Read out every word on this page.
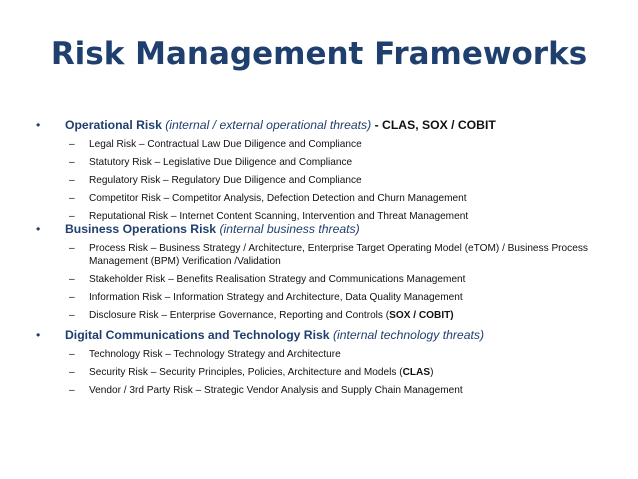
Risk Management Frameworks
• Operational Risk (internal / external operational threats) - CLAS, SOX / COBIT
– Legal Risk – Contractual Law Due Diligence and Compliance
– Statutory Risk – Legislative Due Diligence and Compliance
– Regulatory Risk – Regulatory Due Diligence and Compliance
– Competitor Risk – Competitor Analysis, Defection Detection and Churn Management
– Reputational Risk – Internet Content Scanning, Intervention and Threat Management
• Business Operations Risk (internal business threats)
– Process Risk – Business Strategy / Architecture, Enterprise Target Operating Model (eTOM) / Business Process Management (BPM) Verification /Validation
– Stakeholder Risk – Benefits Realisation Strategy and Communications Management
– Information Risk – Information Strategy and Architecture, Data Quality Management
– Disclosure Risk – Enterprise Governance, Reporting and Controls (SOX / COBIT)
• Digital Communications and Technology Risk (internal technology threats)
– Technology Risk – Technology Strategy and Architecture
– Security Risk – Security Principles, Policies, Architecture and Models (CLAS)
– Vendor / 3rd Party Risk – Strategic Vendor Analysis and Supply Chain Management
